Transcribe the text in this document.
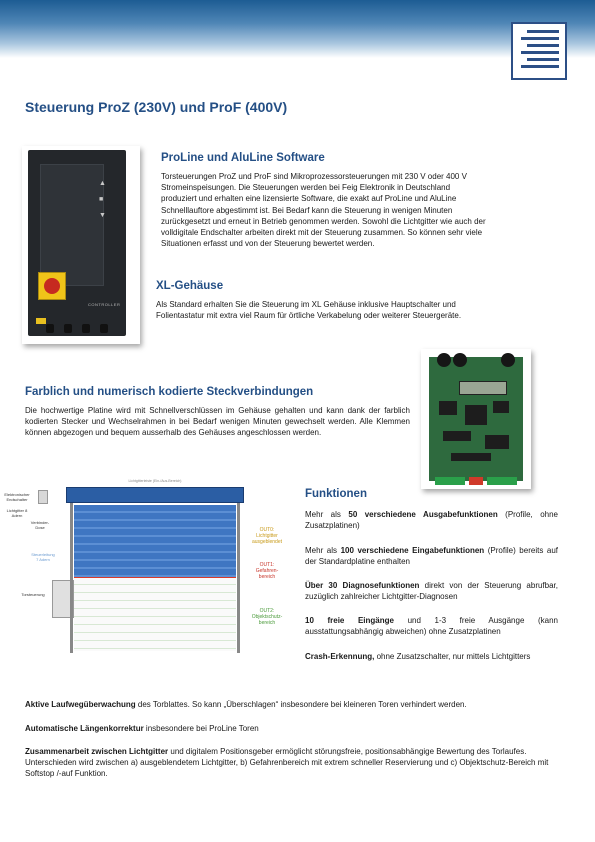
Steuerung ProZ (230V) und ProF (400V)
▲
■
▼
CONTROLLER
ProLine und AluLine Software
Torsteuerungen ProZ und ProF sind Mikroprozessorsteuerungen mit 230 V oder 400 V
Stromeinspeisungen. Die Steuerungen werden bei Feig Elektronik in Deutschland
produziert und erhalten eine lizensierte Software, die exakt auf ProLine und AluLine
Schnelllauftore abgestimmt ist. Bei Bedarf kann die Steuerung in wenigen Minuten
zurückgesetzt und erneut in Betrieb genommen werden. Sowohl die Lichtgitter wie auch der
volldigitale Endschalter arbeiten direkt mit der Steuerung zusammen. So können sehr viele
Situationen erfasst und von der Steuerung bewertet werden.
XL-Gehäuse
Als Standard erhalten Sie die Steuerung im XL Gehäuse inklusive Hauptschalter und
Folientastatur mit extra viel Raum für örtliche Verkabelung oder weiterer Steuergeräte.
Farblich und numerisch kodierte Steckverbindungen

Die hochwertige Platine wird mit Schnellverschlüssen im Gehäuse gehalten und kann dank der farblich kodierten Stecker und Wechselrahmen in bei Bedarf wenigen Minuten gewechselt werden. Alle Klemmen können abgezogen und bequem ausserhalb des Gehäuses angeschlossen werden.

Lichtgitterleiste (Ein-/Aus-Bereich)
Elektronischer Endschalter
Lichtgitter 8 Adern
Verbinder-Dose
Steuerleitung 7 Adern
Torsteuerung
OUT0: Lichtgitter ausgeblendet
OUT1: Gefahren-bereich
OUT2: Objektschutz-bereich
Funktionen
Mehr als 50 verschiedene Ausgabefunktionen (Profile, ohne Zusatzplatinen)
Mehr als 100 verschiedene Eingabefunktionen (Profile) bereits auf der Standardplatine enthalten
Über 30 Diagnosefunktionen direkt von der Steuerung abrufbar, zuzüglich zahlreicher Lichtgitter-Diagnosen
10 freie Eingänge und 1-3 freie Ausgänge (kann ausstattungsabhängig abweichen) ohne Zusatzplatinen
Crash-Erkennung, ohne Zusatzschalter, nur mittels Lichtgitters
Aktive Laufwegüberwachung des Torblattes. So kann „Überschlagen“ insbesondere bei kleineren Toren verhindert werden.
Automatische Längenkorrektur insbesondere bei ProLine Toren
Zusammenarbeit zwischen Lichtgitter und digitalem Positionsgeber ermöglicht störungsfreie, positionsabhängige Bewertung des Torlaufes. Unterschieden wird zwischen a) ausgeblendetem Lichtgitter, b) Gefahrenbereich mit extrem schneller Reservierung und c) Objektschutz-Bereich mit Softstop /-auf Funktion.
